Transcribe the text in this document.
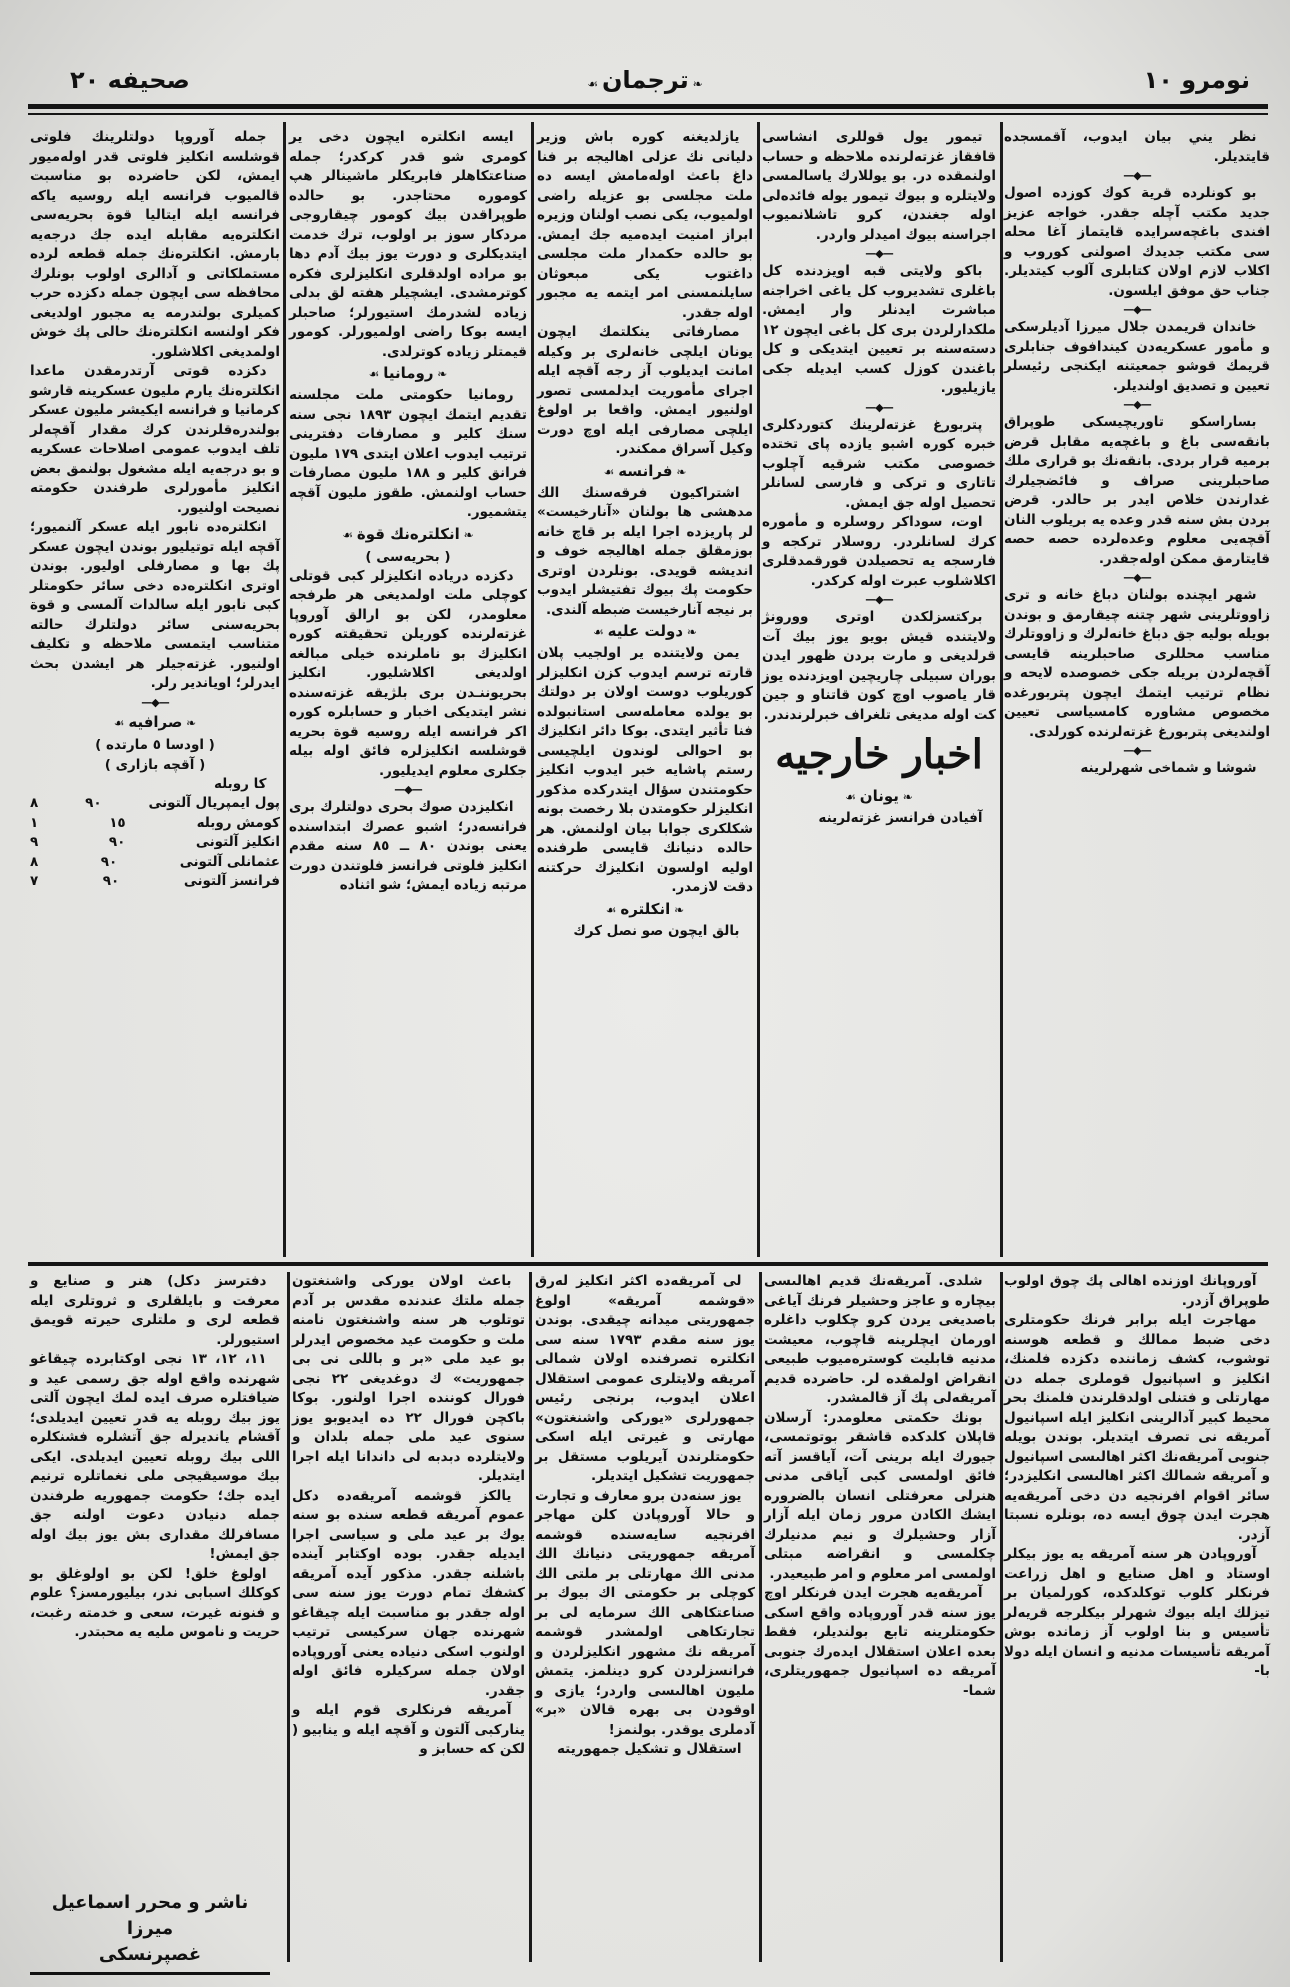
نومرو ١٠
❧ ترجمان ☙
صحيفه ٢٠

نظر يني بيان ايدوب، آقمسجده قايتديلر.

—◆—

بو كونلرده قرية كوك كوزده اصول جديد مكتب آچله جقدر. خواجه عزيز افندى باغچەسرايده قايتماز آغا محله سى مكتب جديدك اصولنى كوروب و اكلاب لازم اولان كتابلرى آلوب كيتديلر. جناب حق موفق ايلسون.

—◆—

خاندان قريمدن جلال ميرزا آديلرسكى و مأمور عسكريەدن كيندافوف جنابلرى قريمك قوشو جمعيتنه ايكنجى رئيسلر تعيين و تصديق اولنديلر.

—◆—

بساراسكو تاوريچيسكى طوپراق بانقەسى باغ و باغچەيە مقابل قرض برميه قرار بردى. بانقەنك بو قرارى ملك صاحبلرينى صراف و فائضجيلرك غدارندن خلاص ايدر بر حالدر. قرض بردن بش سنه قدر وعده يه بريلوب النان آقچەيى معلوم وعدەلرده حصه حصه قايتارمق ممكن اولەجقدر.

—◆—

شهر ايچنده بولنان دباغ خانه و ترى زاووتلرينى شهر چتنه چيقارمق و بوندن بويله بوليه جق دباغ خانەلرك و زاووتلرك مناسب محللرى صاحبلرينه قايسى آقچەلردن بريله جكى خصوصده لايحه و نظام ترتيب ايتمك ايچون پتربورغده مخصوص مشاوره كامسياسى تعيين اولنديغى پتربورغ غزتەلرنده كورلدى.

—◆—

شوشا و شماخى شهرلرينه

تيمور يول قوللرى انشاسى قافقاز غزتەلرنده ملاحظه و حساب اولنمقده در. بو يوللارك ياسالمسى ولايتلره و بيوك تيمور يوله فائدەلى اوله جغندن، كرو تاشلانميوب اجراسنه بيوك اميدلر واردر.

—◆—

باكو ولايتى قبه اويزدنده كل باغلرى تشديروب كل ياغى اخراجنه مباشرت ايدنلر وار ايمش. ملكدارلردن برى كل باغى ايچون ١٢ دستەسنه بر تعيين ايتديكى و كل باغندن كوزل كسب ايديله جكى يازيليور.

—◆—

پتربورغ غزتەلرينك كتوردكلرى خبره كوره اشبو يازده پاى تختده خصوصى مكتب شرقيه آچلوب تاتارى و تركى و فارسى لسانلر تحصيل اوله جق ايمش.

اوت، سوداكر روسلره و مأموره كرك لسانلردر. روسلار تركجه و فارسجه يه تحصيلدن قورقمدقلرى اكلاشلوب عبرت اوله كركدر.

—◆—

بركتسزلكدن اوترى وورونژ ولايتنده قيش بويو يوز بيك آت قرلديغى و مارت بردن ظهور ايدن بوران سبيلى چاريچين اويزدنده يوز قار ياصوب اوچ كون قاتناو و جين كت اوله مديغى تلغراف خبرلرندندر.

اخبار خارجيه
❧ يونان ☙

آفيادن فرانسز غزتەلرينه

يازلديغنه كوره باش وزير دليانى نك عزلى اهاليجه بر فنا داغ باعث اولەمامش ايسه ده ملت مجلسى بو عزيله راضى اولميوب، يكى نصب اولنان وزيره ابراز امنيت ايدەميه جك ايمش. بو حالده حكمدار ملت مجلسى داغتوب يكى مبعوثان سايلنمسنى امر ايتمه يه مجبور اوله جقدر.

مصارفاتى ينكلتمك ايچون يونان ايلچى خانەلرى بر وكيله امانت ايديلوب آز رجه آقچه ايله اجراى مأموريت ايدلمسى تصور اولنيور ايمش. واقعا بر اولوغ ايلچى مصارفى ايله اوچ دورت وكيل آسراق ممكندر.

❧ فرانسه ☙

اشتراكيون فرقەسنك الك مدهشى ها بولنان «آنارخيست» لر پاريزده اجرا ايله بر قاچ خانه بوزمقلق جمله اهاليجه خوف و انديشه قويدى. بونلردن اوترى حكومت پك بيوك تفتيشلر ايدوب بر نيجه آنارخيست ضبطه آلندى.

❧ دولت عليه ☙

يمن ولايتنده ير اولجيب پلان قارته ترسم ايدوب كزن انكليزلر كوريلوب دوست اولان بر دولتك بو يولده معاملەسى استانبولده فنا تأثير ايتدى. بوكا دائر انكليزك بو احوالى لوندون ايلچيسى رستم پاشايه خبر ايدوب انكليز حكومتندن سؤال ايتدركده مذكور انكليزلر حكومتدن بلا رخصت بونه شكلكرى جوابا بيان اولنمش. هر حالده دنيانك قايسى طرفنده اوليه اولسون انكليزك حركتنه دقت لازمدر.

❧ انكلتره ☙

بالق ايچون صو نصل كرك

ايسه انكلتره ايچون دخى ير كومرى شو قدر كركدر؛ جمله صناعتكاهلر فابريكلر ماشينالر هپ كوموره محتاجدر. بو حالده طوپراقدن بيك كومور چيقاروجى مردكار سوز بر اولوب، ترك خدمت ايتديكلرى و دورت يوز بيك آدم دها بو مراده اولدقلرى انكليزلرى فكره كوترمشدى. ايشچيلر هفته لق بدلى زياده لشدرمك استيورلر؛ صاحبلر ايسه بوكا راضى اولميورلر. كومور قيمتلر زياده كوترلدى.

❧ رومانيا ☙

رومانيا حكومتى ملت مجلسنه تقديم ايتمك ايچون ١٨٩٣ نجى سنه سنك كلير و مصارفات دفترينى ترتيب ايدوب اعلان ايتدى ١٧٩ مليون فرانق كلير و ١٨٨ مليون مصارفات حساب اولنمش. طقوز مليون آقچه يتشميور.

❧ انكلترەنك قوة ☙
( بحريەسى )

دكزده درياده انكليزلر كبى قوتلى كوچلى ملت اولمديغى هر طرفجه معلومدر، لكن بو ارالق آوروپا غزتەلرنده كوريلن تحقيقته كوره انكليزك بو ناملرنده خيلى مبالغه اولديغى اكلاشليور. انكليز بحريوننـدن برى بلژيقه غزتەسنده نشر ايتديكى اخبار و حسابلره كوره اكر فرانسه ايله روسيه قوة بحريه قوشلسه انكليزلره فائق اوله بيله جكلرى معلوم ايديليور.

—◆—

انكليزدن صوك بحرى دولتلرك برى فرانسەدر؛ اشبو عصرك ابتداسنده يعنى بوندن ٨٠ ــ ٨٥ سنه مقدم انكليز فلوتى فرانسز فلوتندن دورت مرتبه زياده ايمش؛ شو اثناده

جمله آوروپا دولتلرينك فلوتى قوشلسه انكليز فلوتى قدر اولەميور ايمش، لكن حاضرده بو مناسبت قالميوب فرانسه ايله روسيه ياكه فرانسه ايله ايتاليا قوة بحريەسى انكلترەيه مقابله ايده جك درجەيه بارمش. انكلترەنك جمله قطعه لرده مستملكاتى و آدالرى اولوب بونلرك محافظه سى ايچون جمله دكزده حرب كميلرى بولندرمه يه مجبور اولديغى فكر اولنسه انكلترەنك حالى پك خوش اولمديغى اكلاشلور.

دكزده قوتى آرتدرمقدن ماعدا انكلترەنك يارم مليون عسكرينه قارشو كرمانيا و فرانسه ايكيشر مليون عسكر بولندرەقلرندن كرك مقدار آقچەلر تلف ايدوب عمومى اصلاحات عسكريه و بو درجەيه ايله مشغول بولنمق بعض انكليز مأمورلرى طرفندن حكومته نصيحت اولنيور.

انكلترەده نابور ايله عسكر آلنميور؛ آقچه ايله توتيليور بوندن ايچون عسكر پك بها و مصارفلى اوليور. بوندن اوترى انكلترەده دخى سائر حكومتلر كبى نابور ايله سالدات آلمسى و قوة بحريەسنى سائر دولتلرك حالته متناسب ايتمسى ملاحظه و تكليف اولنيور. غزتەجيلر هر ايشدن بحث ايدرلر؛ اوياندير رلر.

—◆—
❧ صرافيه ☙
( اودسا ٥ مارتده )
( آقچه بازارى )

كا روبله

پول ايمپريال آلتونى
٩٠
٨

كومش روبله
١٥
١

انكليز آلتونى
٩٠
٩

عثمانلى آلتونى
٩٠
٨

فرانسز آلتونى
٩٠
٧

آوروپانك اوزنده اهالى پك چوق اولوب طوپراق آزدر.

مهاجرت ايله برابر فرنك حكومتلرى دخى ضبط ممالك و قطعه هوسنه توشوب، كشف زماننده دكزده فلمنك، انكليز و اسپانيول قوملرى جمله دن مهارتلى و فتنلى اولدقلرندن فلمنك بحر محيط كبير آدالرينى انكليز ايله اسپانيول آمريقه نى تصرف ايتديلر. بوندن بويله جنوبى آمريقەنك اكثر اهالىسى اسپانيول و آمريقه شمالك اكثر اهالىسى انكليزدر؛ سائر اقوام افرنجيه دن دخى آمريقەيه هجرت ايدن چوق ايسه ده، بونلره نسبتا آزدر.

آوروپادن هر سنه آمريقه يه يوز بيكلر اوستاد و اهل صنايع و اهل زراعت فرنكلر كلوب توكلدكده، كورلميان بر تيزلك ايله بيوك شهرلر بيكلرجه قريەلر تأسيس و بنا اولوب آز زمانده بوش آمريقه تأسيسات مدنيه و انسان ايله دولا با-

شلدى. آمريقەنك قديم اهالىسى بيچاره و عاجز وحشيلر فرنك آياغى باصديغى يردن كرو چكلوب داغلره اورمان ايچلرينه قاچوب، معيشت مدنيه قابليت كوسترەميوب طبيعى انقراض اولمقده لر. حاضرده قديم آمريقەلى پك آز قالمشدر.

بونك حكمتى معلومدر: آرسلان قاپلان كلدكده قاشقر بوتوتمسى، جيورك ايله برينى آت، آياقسز آته فائق اولمسى كبى آياقى مدنى هنرلى معرفتلى انسان بالضروره ايشك الكادن مرور زمان ايله آزار آزار وحشيلرك و نيم مدنيلرك چكلمسى و انقراضه مبتلى اولمسى امر معلوم و امر طبيعيدر.

آمريقەيه هجرت ايدن فرنكلر اوچ يوز سنه قدر آوروپاده واقع اسكى حكومتلرينه تابع بولنديلر، فقط بعده اعلان استقلال ايدەرك جنوبى آمريقه ده اسپانيول جمهوريتلرى، شما-

لى آمريقەده اكثر انكليز لەرق «قوشمه آمريقه» اولوغ جمهوريتى ميدانه چيقدى. بوندن يوز سنه مقدم ١٧٩٣ سنه سى انكلترە تصرفنده اولان شمالى آمريقه ولايتلرى عمومى استقلال اعلان ايدوب، برنجى رئيس جمهورلرى «يوركى واشنغتون» مهارتى و غيرتى ايله اسكى حكومتلرندن آيريلوب مستقل بر جمهوريت تشكيل ايتديلر.

يوز سنەدن برو معارف و تجارت و حالا آوروپادن كلن مهاجر افرنجيه سايەسنده قوشمه آمريقه جمهوريتى دنيانك الك مدنى الك مهارتلى بر ملتى الك كوچلى بر حكومتى اك بيوك بر صناعتكاهى الك سرمايه لى بر تجارتكاهى اولمشدر قوشمه آمريقه نك مشهور انكليزلردن و فرانسزلردن كرو دينلمز. يتمش مليون اهالىسى واردر؛ يازى و اوقودن بى بهره قالان «بر» آدملرى يوقدر. بولنمز!

استقلال و تشكيل جمهوريته

باعث اولان يوركى واشنغتون جمله ملتك عندنده مقدس بر آدم توتلوب هر سنه واشنغتون نامنه ملت و حكومت عيد مخصوص ايدرلر بو عيد ملى «بر و باللى نى بى جمهوريت» ك دوغديغى ٢٢ نجى فورال كوننده اجرا اولنور. بوكا باكچن فورال ٢٢ ده ايديوبو يوز سنوى عيد ملى جمله بلدان و ولايتلرده دبدبه لى داندانا ايله اجرا ايتديلر.

يالكز قوشمه آمريقەده دكل عموم آمريقه قطعه سنده بو سنه يوك بر عيد ملى و سياسى اجرا ايديله جقدر. بوده اوكتابر آينده باشلنه جقدر. مذكور آيده آمريقه كشفك تمام دورت يوز سنه سى اوله جقدر بو مناسبت ايله چيقاغو شهرنده جهان سركيسى ترتيب اولنوب اسكى دنياده يعنى آوروپاده اولان جمله سركيلره فائق اوله جقدر.

آمريقه فرنكلرى قوم ايله و يناركبى آلتون و آقچه ايله و ينابيو ( لكن كه حسابز و

دفترسز دكل) هنر و صنايع و معرفت و بايلقلرى و ثروتلرى ايله قطعه لرى و ملتلرى حيرته قويمق استيورلر.

١١، ١٢، ١٣ نجى اوكتابرده چيقاغو شهرنده واقع اوله جق رسمى عيد و ضيافتلره صرف ايده لمك ايچون آلتى يوز بيك روبله يه قدر تعيين ايديلدى؛ آقشام يانديرله جق آتشلره فشنكلره اللى بيك روبله تعيين ايديلدى. ايكى بيك موسيقيجى ملى نغماتلره ترنيم ايده جك؛ حكومت جمهوريه طرفندن جمله دنيادن دعوت اولنه جق مسافرلك مقدارى بش يوز بيك اوله جق ايمش!

اولوغ خلق! لكن بو اولوغلق بو كوكلك اسبابى ندر، بيليورمسز؟ علوم و فنونه غيرت، سعى و خدمته رغبت، حريت و ناموس مليه يه محبتدر.

ناشر و محرر اسماعيل ميرزا
غصپرنسكى
